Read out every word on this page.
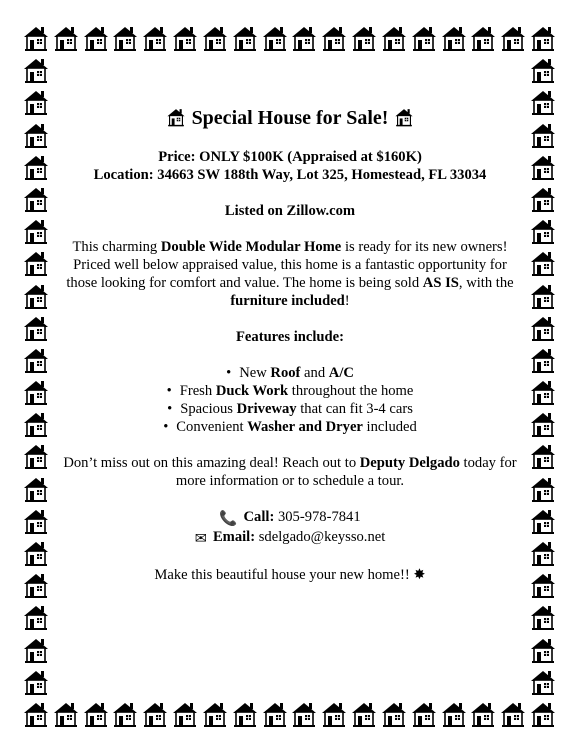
Special House for Sale!

Price: ONLY $100K (Appraised at $160K)

Location: 34663 SW 188th Way, Lot 325, Homestead, FL 33034

Listed on Zillow.com

This charming Double Wide Modular Home is ready for its new owners! Priced well below appraised value, this home is a fantastic opportunity for those looking for comfort and value. The home is being sold AS IS, with the furniture included!

Features include:

• New Roof and A/C
• Fresh Duck Work throughout the home
• Spacious Driveway that can fit 3-4 cars
• Convenient Washer and Dryer included

Don’t miss out on this amazing deal! Reach out to Deputy Delgado today for more information or to schedule a tour.

📞 Call: 305-978-7841

✉ Email: sdelgado@keysso.net

Make this beautiful house your new home!! ✸
